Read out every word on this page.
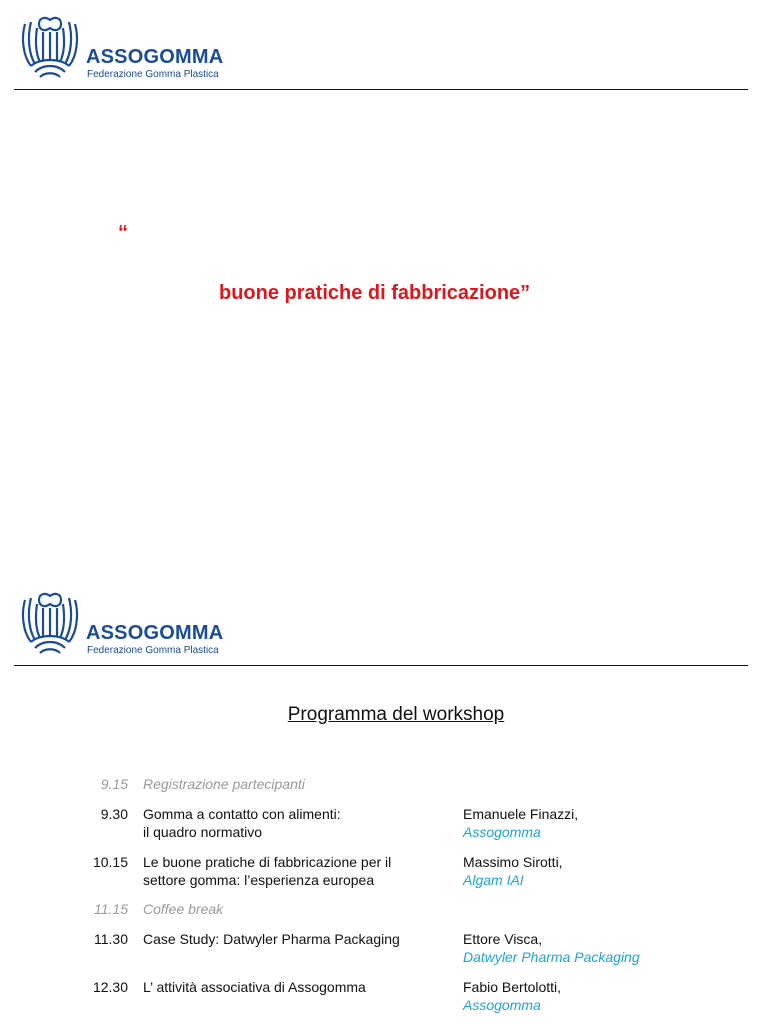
ASSOGOMMA
Federazione Gomma Plastica
“
buone pratiche di fabbricazione”
ASSOGOMMA
Federazione Gomma Plastica
Programma del workshop
9.15 Registrazione partecipanti
9.30 Gomma a contatto con alimenti:
il quadro normativo
Emanuele Finazzi,
Assogomma
10.15 Le buone pratiche di fabbricazione per il
settore gomma: l’esperienza europea
Massimo Sirotti,
Algam IAI
11.15 Coffee break
11.30 Case Study: Datwyler Pharma Packaging	Ettore Visca,
Datwyler Pharma Packaging
12.30 L’ attività associativa di Assogomma	Fabio Bertolotti,
Assogomma
